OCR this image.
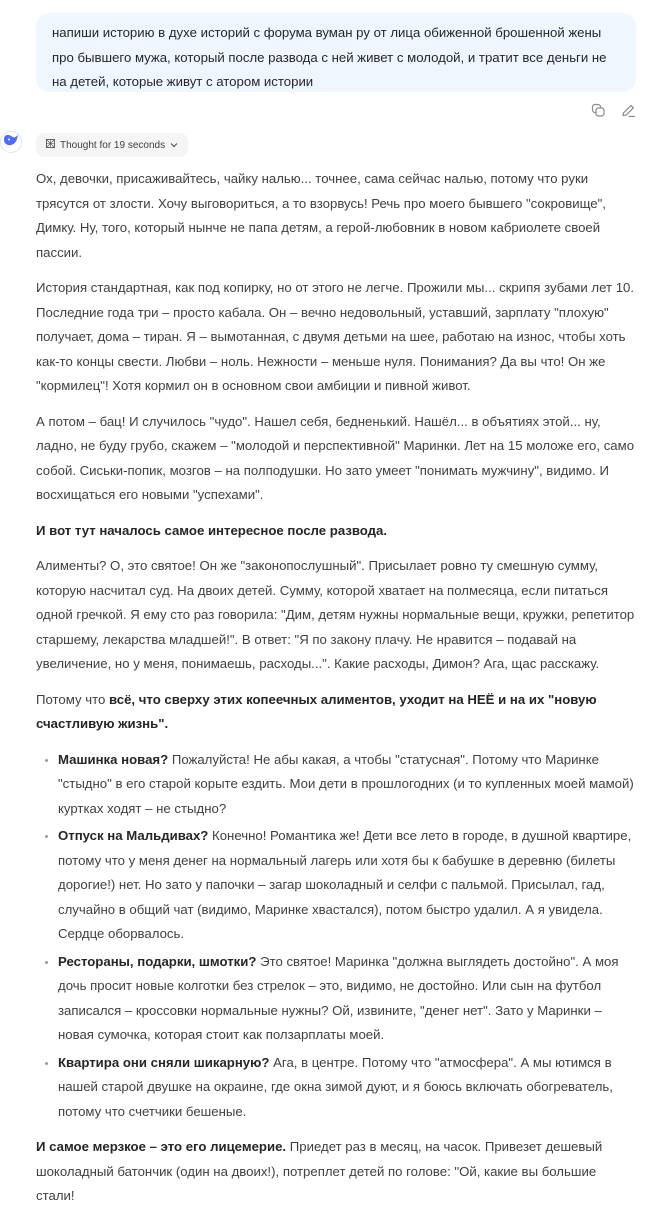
напиши историю в духе историй с форума вуман ру от лица обиженной брошенной жены про бывшего мужа, который после развода с ней живет с молодой, и тратит все деньги не на детей, которые живут с атором истории
Thought for 19 seconds

Ох, девочки, присаживайтесь, чайку налью... точнее, сама сейчас налью, потому что руки трясутся от злости. Хочу выговориться, а то взорвусь! Речь про моего бывшего "сокровище", Димку. Ну, того, который нынче не папа детям, а герой-любовник в новом кабриолете своей пассии.

История стандартная, как под копирку, но от этого не легче. Прожили мы... скрипя зубами лет 10. Последние года три – просто кабала. Он – вечно недовольный, уставший, зарплату "плохую" получает, дома – тиран. Я – вымотанная, с двумя детьми на шее, работаю на износ, чтобы хоть как-то концы свести. Любви – ноль. Нежности – меньше нуля. Понимания? Да вы что! Он же "кормилец"! Хотя кормил он в основном свои амбиции и пивной живот.

А потом – бац! И случилось "чудо". Нашел себя, бедненький. Нашёл... в объятиях этой... ну, ладно, не буду грубо, скажем – "молодой и перспективной" Маринки. Лет на 15 моложе его, само собой. Сиськи-попик, мозгов – на полподушки. Но зато умеет "понимать мужчину", видимо. И восхищаться его новыми "успехами".

И вот тут началось самое интересное после развода.

Алименты? О, это святое! Он же "законопослушный". Присылает ровно ту смешную сумму, которую насчитал суд. На двоих детей. Сумму, которой хватает на полмесяца, если питаться одной гречкой. Я ему сто раз говорила: "Дим, детям нужны нормальные вещи, кружки, репетитор старшему, лекарства младшей!". В ответ: "Я по закону плачу. Не нравится – подавай на увеличение, но у меня, понимаешь, расходы...". Какие расходы, Димон? Ага, щас расскажу.

Потому что всё, что сверху этих копеечных алиментов, уходит на НЕЁ и на их "новую счастливую жизнь".

• Машинка новая? Пожалуйста! Не абы какая, а чтобы "статусная". Потому что Маринке "стыдно" в его старой корыте ездить. Мои дети в прошлогодних (и то купленных моей мамой) куртках ходят – не стыдно?
• Отпуск на Мальдивах? Конечно! Романтика же! Дети все лето в городе, в душной квартире, потому что у меня денег на нормальный лагерь или хотя бы к бабушке в деревню (билеты дорогие!) нет. Но зато у папочки – загар шоколадный и селфи с пальмой. Присылал, гад, случайно в общий чат (видимо, Маринке хвастался), потом быстро удалил. А я увидела. Сердце оборвалось.
• Рестораны, подарки, шмотки? Это святое! Маринка "должна выглядеть достойно". А моя дочь просит новые колготки без стрелок – это, видимо, не достойно. Или сын на футбол записался – кроссовки нормальные нужны? Ой, извините, "денег нет". Зато у Маринки – новая сумочка, которая стоит как ползарплаты моей.
• Квартира они сняли шикарную? Ага, в центре. Потому что "атмосфера". А мы ютимся в нашей старой двушке на окраине, где окна зимой дуют, и я боюсь включать обогреватель, потому что счетчики бешеные.

И самое мерзкое – это его лицемерие. Приедет раз в месяц, на часок. Привезет дешевый шоколадный батончик (один на двоих!), потреплет детей по голове: "Ой, какие вы большие стали!
